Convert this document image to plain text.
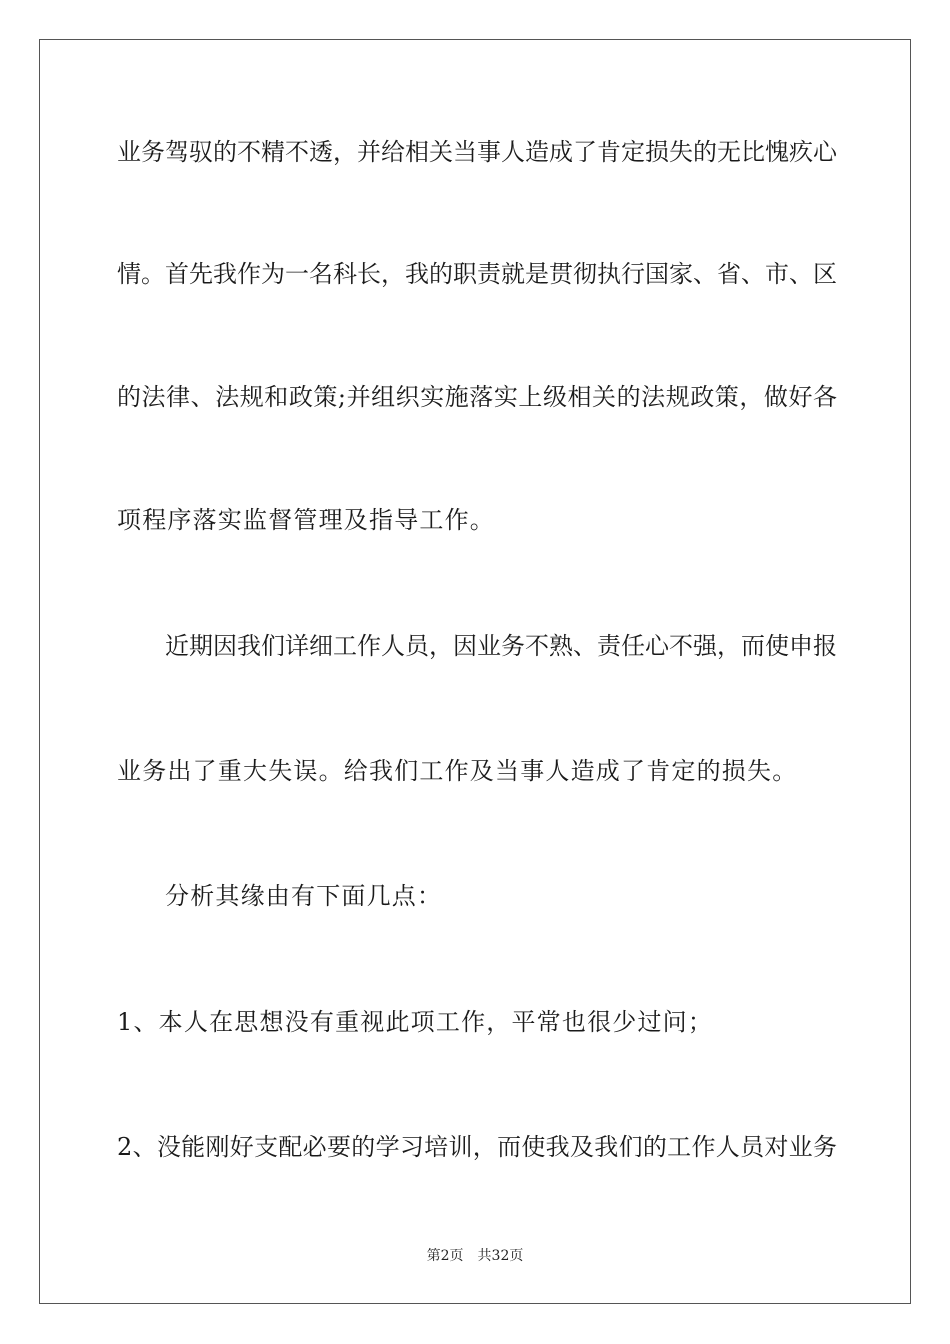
业务驾驭的不精不透，并给相关当事人造成了肯定损失的无比愧疚心
情。首先我作为一名科长，我的职责就是贯彻执行国家、省、市、区
的法律、法规和政策;并组织实施落实上级相关的法规政策，做好各
项程序落实监督管理及指导工作。
近期因我们详细工作人员，因业务不熟、责任心不强，而使申报
业务出了重大失误。给我们工作及当事人造成了肯定的损失。
分析其缘由有下面几点：
1、本人在思想没有重视此项工作，平常也很少过问；
2、没能刚好支配必要的学习培训，而使我及我们的工作人员对业务
第2页 共32页
